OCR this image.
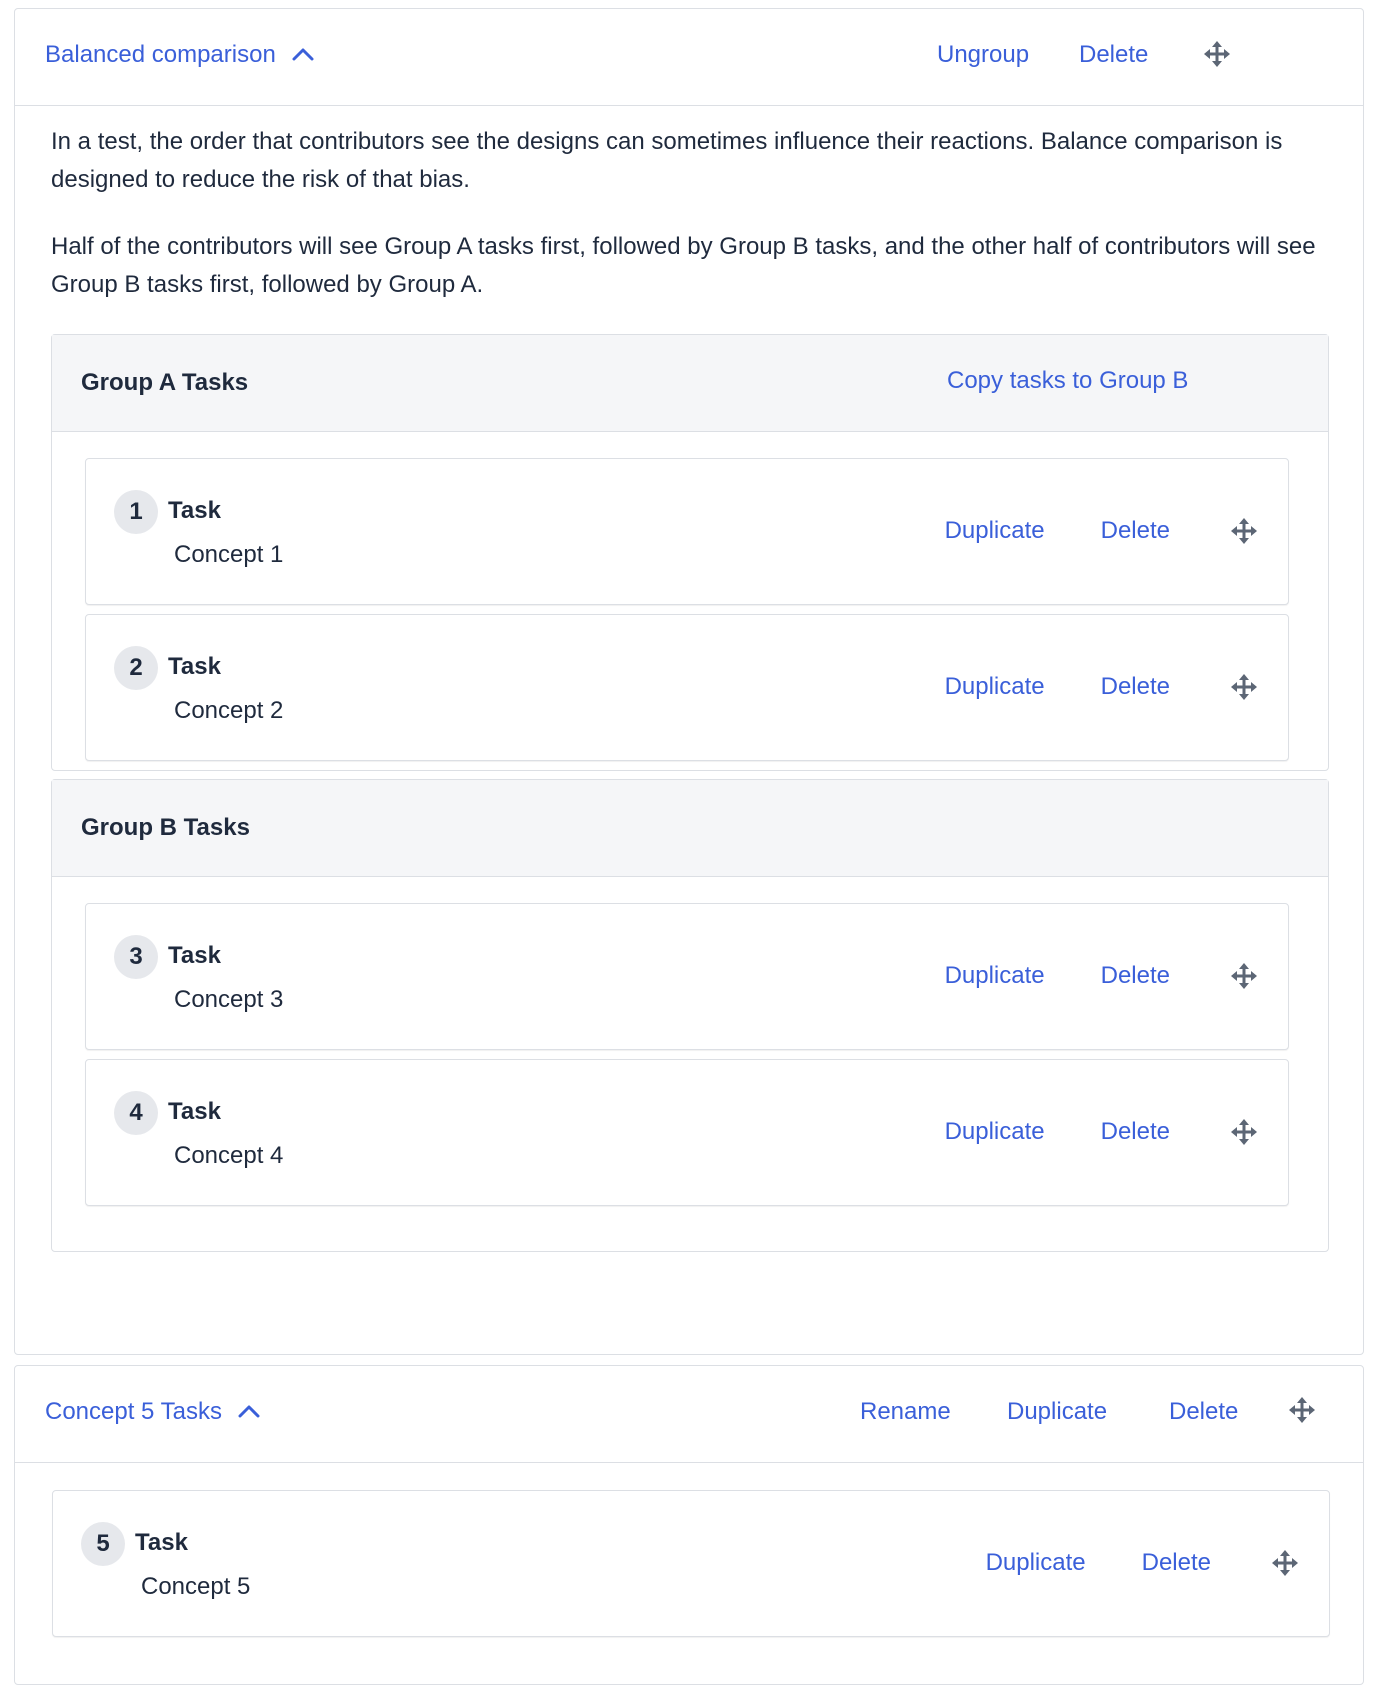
Balanced comparison	Ungroup Delete

In a test, the order that contributors see the designs can sometimes influence their reactions. Balance comparison is designed to reduce the risk of that bias.

Half of the contributors will see Group A tasks first, followed by Group B tasks, and the other half of contributors will see Group B tasks first, followed by Group A.

Group A Tasks	Copy tasks to Group B
1	Task
Concept 1
Duplicate Delete
2	Task
Concept 2
Duplicate Delete
Group B Tasks
3	Task
Concept 3
Duplicate Delete
4	Task
Concept 4
Duplicate Delete
Concept 5 Tasks	Rename Duplicate	Delete
5	Task
Concept 5
Duplicate Delete
